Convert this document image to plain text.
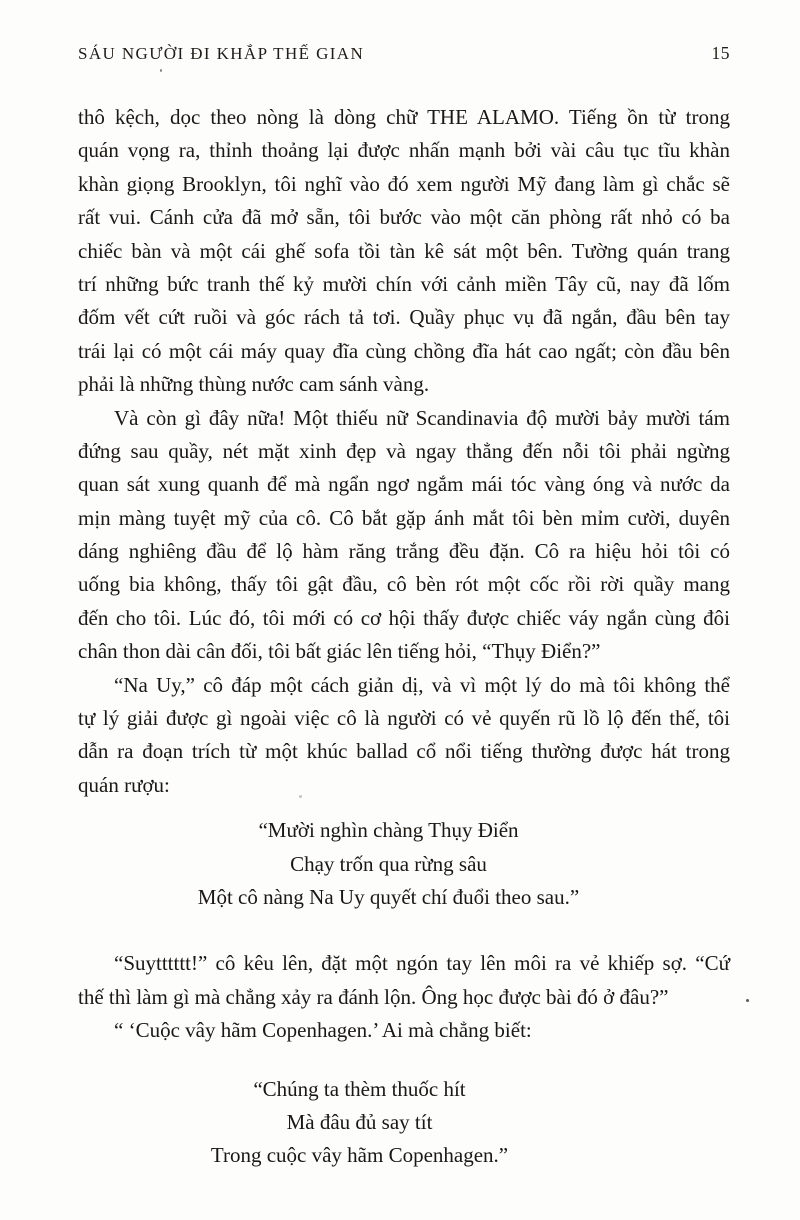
SÁU NGƯỜI ĐI KHẮP THẾ GIAN	15
thô kệch, dọc theo nòng là dòng chữ THE ALAMO. Tiếng ồn từ trong
quán vọng ra, thỉnh thoảng lại được nhấn mạnh bởi vài câu tục tĩu khàn
khàn giọng Brooklyn, tôi nghĩ vào đó xem người Mỹ đang làm gì chắc sẽ
rất vui. Cánh cửa đã mở sẵn, tôi bước vào một căn phòng rất nhỏ có ba
chiếc bàn và một cái ghế sofa tồi tàn kê sát một bên. Tường quán trang
trí những bức tranh thế kỷ mười chín với cảnh miền Tây cũ, nay đã lốm
đốm vết cứt ruồi và góc rách tả tơi. Quầy phục vụ đã ngắn, đầu bên tay
trái lại có một cái máy quay đĩa cùng chồng đĩa hát cao ngất; còn đầu bên
phải là những thùng nước cam sánh vàng.
Và còn gì đây nữa! Một thiếu nữ Scandinavia độ mười bảy mười tám
đứng sau quầy, nét mặt xinh đẹp và ngay thẳng đến nỗi tôi phải ngừng
quan sát xung quanh để mà ngẩn ngơ ngắm mái tóc vàng óng và nước da
mịn màng tuyệt mỹ của cô. Cô bắt gặp ánh mắt tôi bèn mỉm cười, duyên
dáng nghiêng đầu để lộ hàm răng trắng đều đặn. Cô ra hiệu hỏi tôi có
uống bia không, thấy tôi gật đầu, cô bèn rót một cốc rồi rời quầy mang
đến cho tôi. Lúc đó, tôi mới có cơ hội thấy được chiếc váy ngắn cùng đôi
chân thon dài cân đối, tôi bất giác lên tiếng hỏi, “Thụy Điển?”
“Na Uy,” cô đáp một cách giản dị, và vì một lý do mà tôi không thể
tự lý giải được gì ngoài việc cô là người có vẻ quyến rũ lồ lộ đến thế, tôi
dẫn ra đoạn trích từ một khúc ballad cổ nổi tiếng thường được hát trong
quán rượu:
“Mười nghìn chàng Thụy Điển
Chạy trốn qua rừng sâu
Một cô nàng Na Uy quyết chí đuổi theo sau.”
“Suytttttt!” cô kêu lên, đặt một ngón tay lên môi ra vẻ khiếp sợ. “Cứ
thế thì làm gì mà chẳng xảy ra đánh lộn. Ông học được bài đó ở đâu?”
“ ‘Cuộc vây hãm Copenhagen.’ Ai mà chẳng biết:
“Chúng ta thèm thuốc hít
Mà đâu đủ say tít
Trong cuộc vây hãm Copenhagen.”
